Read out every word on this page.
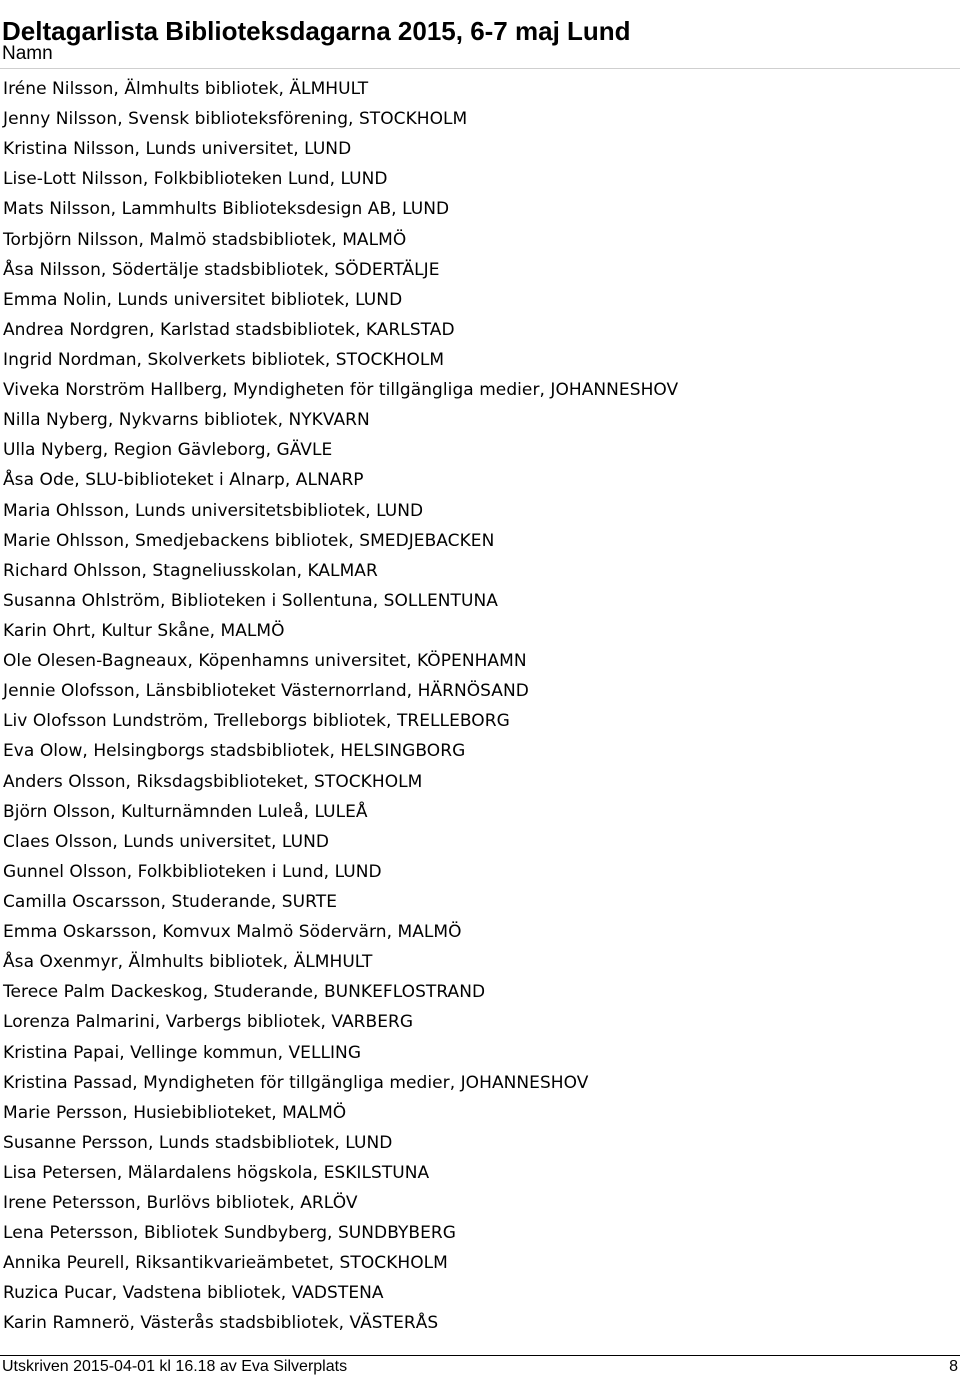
Deltagarlista Biblioteksdagarna 2015, 6-7 maj Lund
Namn
Iréne Nilsson, Älmhults bibliotek, ÄLMHULT
Jenny Nilsson, Svensk biblioteksförening, STOCKHOLM
Kristina Nilsson, Lunds universitet, LUND
Lise-Lott Nilsson, Folkbiblioteken Lund, LUND
Mats Nilsson, Lammhults Biblioteksdesign AB, LUND
Torbjörn Nilsson, Malmö stadsbibliotek, MALMÖ
Åsa Nilsson, Södertälje stadsbibliotek, SÖDERTÄLJE
Emma Nolin, Lunds universitet bibliotek, LUND
Andrea Nordgren, Karlstad stadsbibliotek, KARLSTAD
Ingrid Nordman, Skolverkets bibliotek, STOCKHOLM
Viveka Norström Hallberg, Myndigheten för tillgängliga medier, JOHANNESHOV
Nilla Nyberg, Nykvarns bibliotek, NYKVARN
Ulla Nyberg, Region Gävleborg, GÄVLE
Åsa Ode, SLU-biblioteket i Alnarp, ALNARP
Maria Ohlsson, Lunds universitetsbibliotek, LUND
Marie Ohlsson, Smedjebackens bibliotek, SMEDJEBACKEN
Richard Ohlsson, Stagneliusskolan, KALMAR
Susanna Ohlström, Biblioteken i Sollentuna, SOLLENTUNA
Karin Ohrt, Kultur Skåne, MALMÖ
Ole Olesen-Bagneaux, Köpenhamns universitet, KÖPENHAMN
Jennie Olofsson, Länsbiblioteket Västernorrland, HÄRNÖSAND
Liv Olofsson Lundström, Trelleborgs bibliotek, TRELLEBORG
Eva Olow, Helsingborgs stadsbibliotek, HELSINGBORG
Anders Olsson, Riksdagsbiblioteket, STOCKHOLM
Björn Olsson, Kulturnämnden Luleå, LULEÅ
Claes Olsson, Lunds universitet, LUND
Gunnel Olsson, Folkbiblioteken i Lund, LUND
Camilla Oscarsson, Studerande, SURTE
Emma Oskarsson, Komvux Malmö Södervärn, MALMÖ
Åsa Oxenmyr, Älmhults bibliotek, ÄLMHULT
Terece Palm Dackeskog, Studerande, BUNKEFLOSTRAND
Lorenza Palmarini, Varbergs bibliotek, VARBERG
Kristina Papai, Vellinge kommun, VELLING
Kristina Passad, Myndigheten för tillgängliga medier, JOHANNESHOV
Marie Persson, Husiebiblioteket, MALMÖ
Susanne Persson, Lunds stadsbibliotek, LUND
Lisa Petersen, Mälardalens högskola, ESKILSTUNA
Irene Petersson, Burlövs bibliotek, ARLÖV
Lena Petersson, Bibliotek Sundbyberg, SUNDBYBERG
Annika Peurell, Riksantikvarieämbetet, STOCKHOLM
Ruzica Pucar, Vadstena bibliotek, VADSTENA
Karin Ramnerö, Västerås stadsbibliotek, VÄSTERÅS
Utskriven 2015-04-01 kl 16.18 av Eva Silverplats	8
